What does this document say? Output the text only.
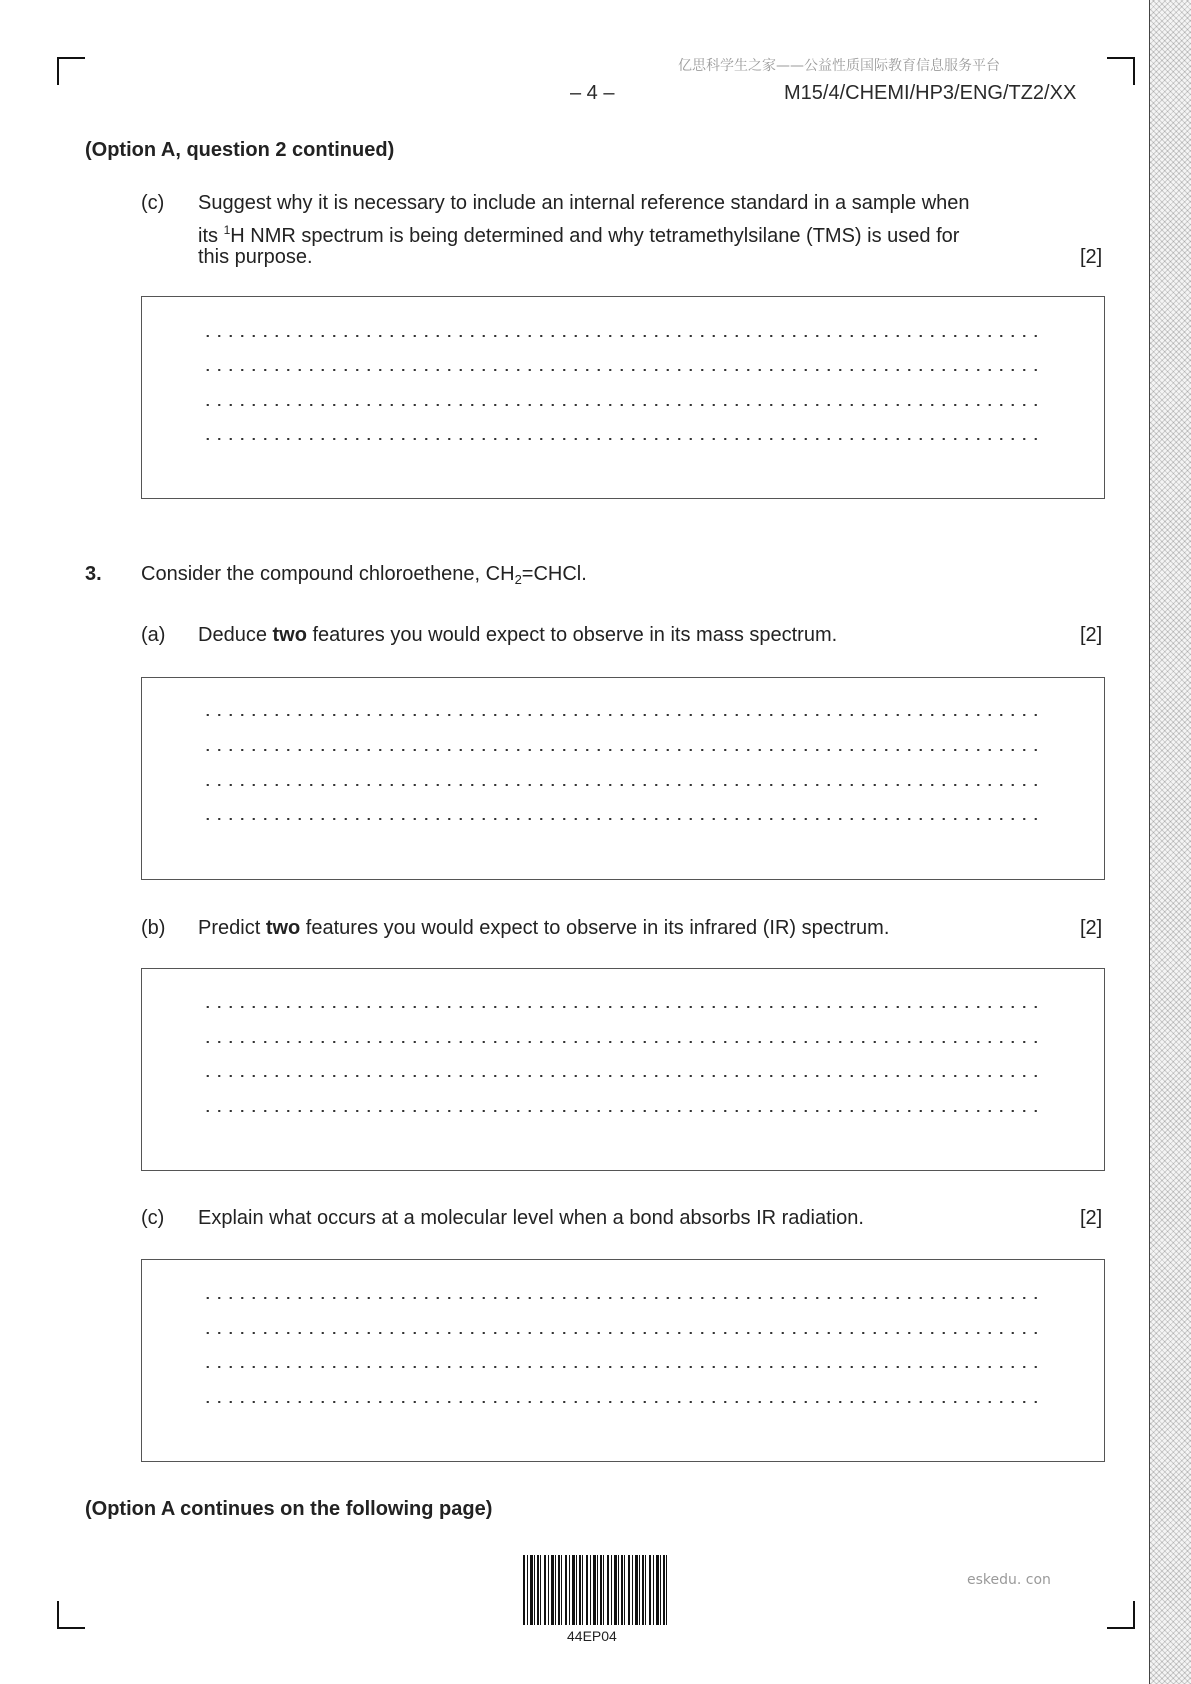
亿思科学生之家——公益性质国际教育信息服务平台
– 4 –	M15/4/CHEMI/HP3/ENG/TZ2/XX
(Option A, question 2 continued)
(c) Suggest why it is necessary to include an internal reference standard in a sample when
its $^1$H NMR spectrum is being determined and why tetramethylsilane (TMS) is used for
this purpose.	[2]
3. Consider the compound chloroethene, $CH_2=CHCl$.
(a) Deduce two features you would expect to observe in its mass spectrum.	[2]
(b) Predict two features you would expect to observe in its infrared (IR) spectrum.	[2]
(c) Explain what occurs at a molecular level when a bond absorbs IR radiation.	[2]
(Option A continues on the following page)
44EP04
eskedu. con
